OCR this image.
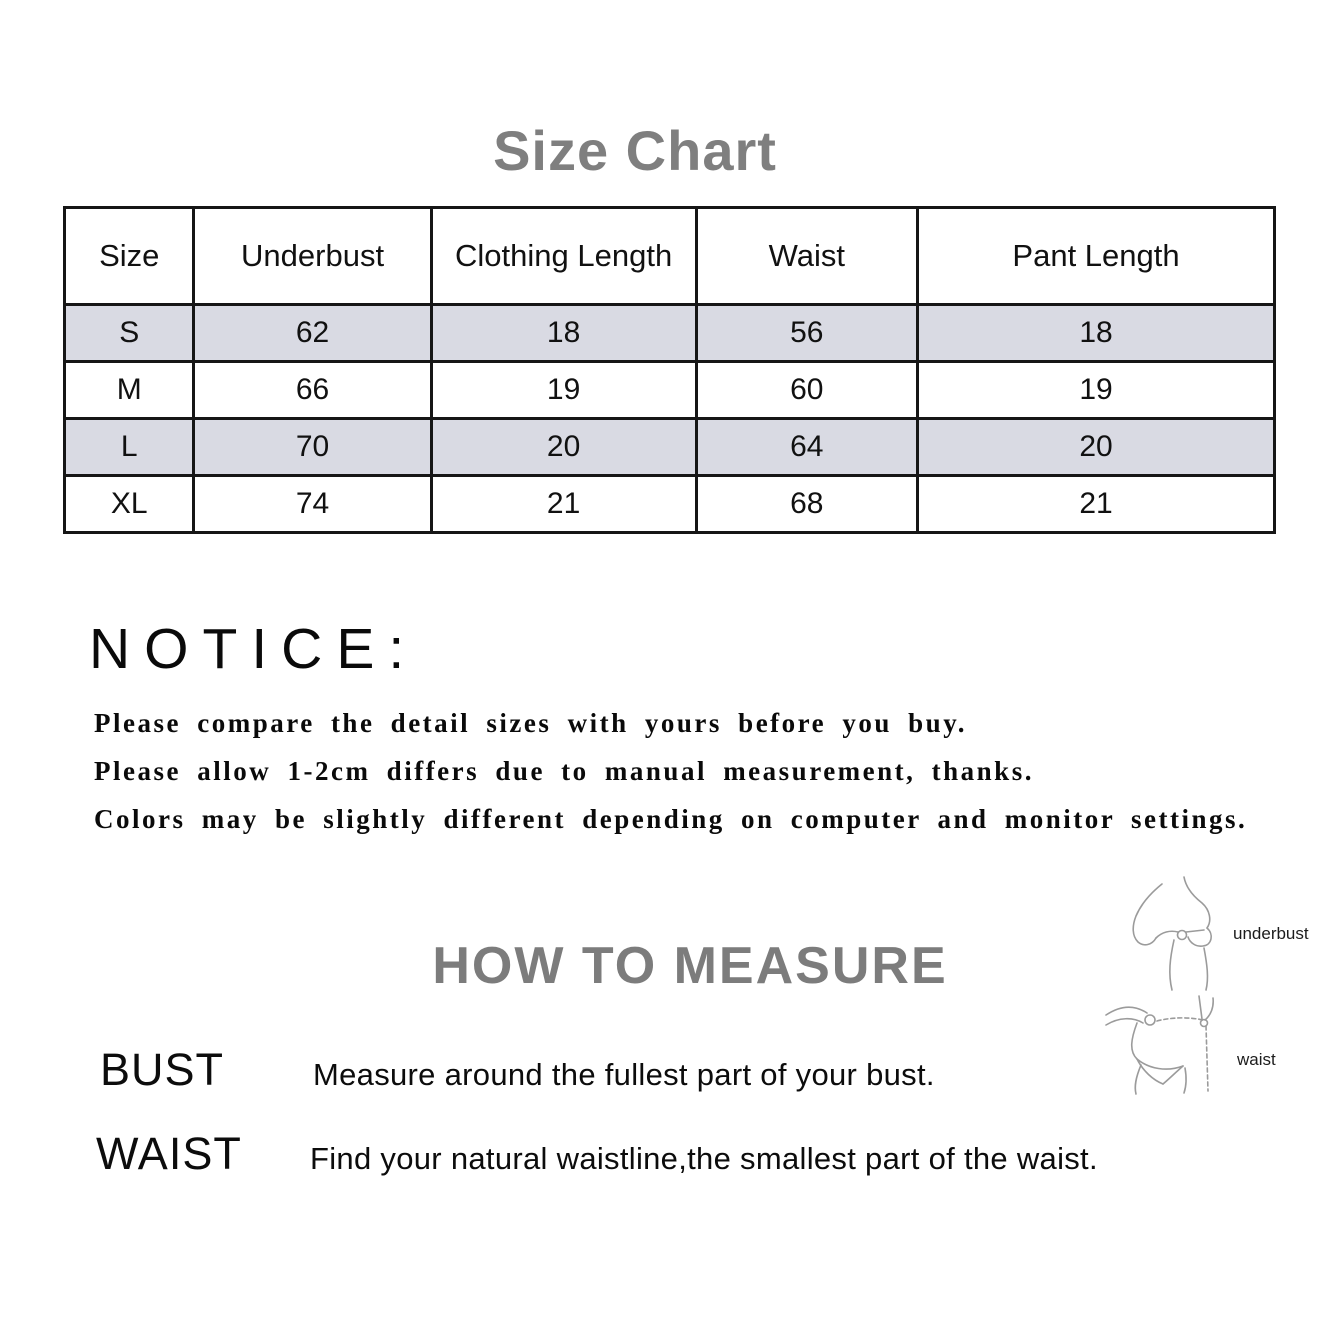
Size Chart
Size	Underbust	Clothing Length	Waist	Pant Length
S	62	18	56	18
M	66	19	60	19
L	70	20	64	20
XL	74	21	68	21
NOTICE:

Please compare the detail sizes with yours before you buy.

Please allow 1-2cm differs due to manual measurement, thanks.

Colors may be slightly different depending on computer and monitor settings.

HOW TO MEASURE
BUST	Measure around the fullest part of your bust.
WAIST Find your natural waistline,the smallest part of the waist.
underbust
waist
